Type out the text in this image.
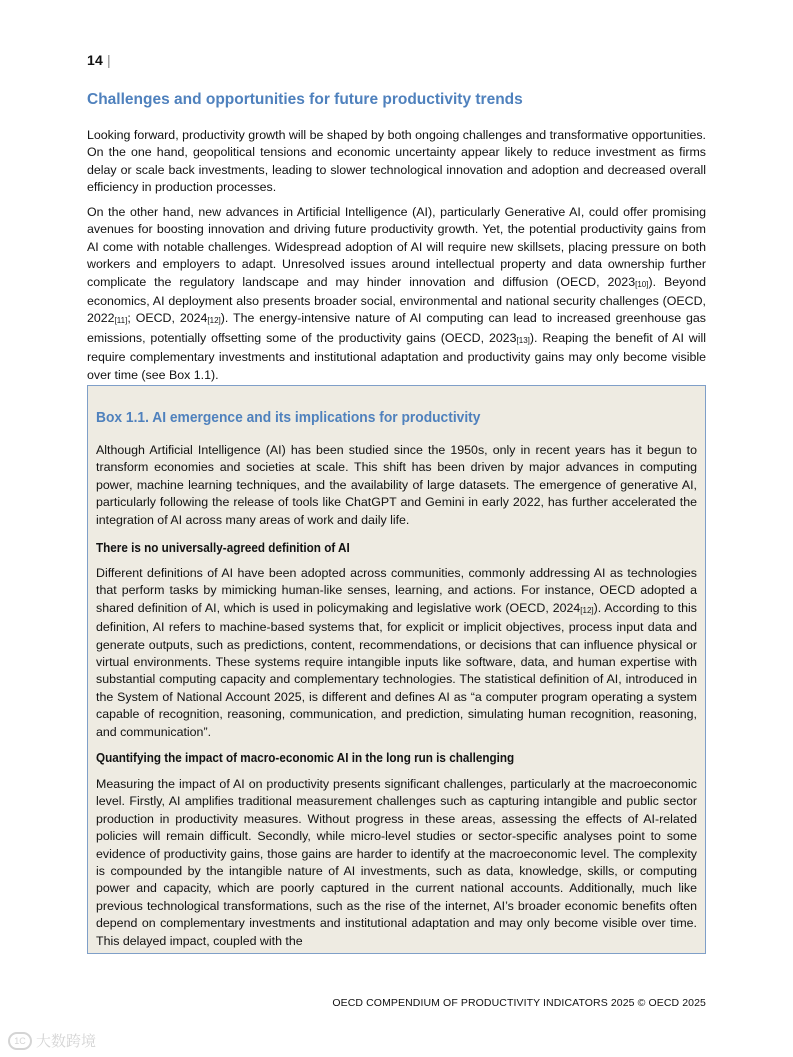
14 |
Challenges and opportunities for future productivity trends

Looking forward, productivity growth will be shaped by both ongoing challenges and transformative opportunities. On the one hand, geopolitical tensions and economic uncertainty appear likely to reduce investment as firms delay or scale back investments, leading to slower technological innovation and adoption and decreased overall efficiency in production processes.

On the other hand, new advances in Artificial Intelligence (AI), particularly Generative AI, could offer promising avenues for boosting innovation and driving future productivity growth. Yet, the potential productivity gains from AI come with notable challenges. Widespread adoption of AI will require new skillsets, placing pressure on both workers and employers to adapt. Unresolved issues around intellectual property and data ownership further complicate the regulatory landscape and may hinder innovation and diffusion (OECD, $2023_{[10]}$). Beyond economics, AI deployment also presents broader social, environmental and national security challenges (OECD, $2022_{[11]}$; OECD, $2024_{[12]}$). The energy-intensive nature of AI computing can lead to increased greenhouse gas emissions, potentially offsetting some of the productivity gains (OECD, $2023_{[13]}$). Reaping the benefit of AI will require complementary investments and institutional adaptation and productivity gains may only become visible over time (see Box 1.1).

Box 1.1. AI emergence and its implications for productivity

Although Artificial Intelligence (AI) has been studied since the 1950s, only in recent years has it begun to transform economies and societies at scale. This shift has been driven by major advances in computing power, machine learning techniques, and the availability of large datasets. The emergence of generative AI, particularly following the release of tools like ChatGPT and Gemini in early 2022, has further accelerated the integration of AI across many areas of work and daily life.

There is no universally-agreed definition of AI

Different definitions of AI have been adopted across communities, commonly addressing AI as technologies that perform tasks by mimicking human-like senses, learning, and actions. For instance, OECD adopted a shared definition of AI, which is used in policymaking and legislative work (OECD, $2024_{[12]}$). According to this definition, AI refers to machine-based systems that, for explicit or implicit objectives, process input data and generate outputs, such as predictions, content, recommendations, or decisions that can influence physical or virtual environments. These systems require intangible inputs like software, data, and human expertise with substantial computing capacity and complementary technologies. The statistical definition of AI, introduced in the System of National Account 2025, is different and defines AI as “a computer program operating a system capable of recognition, reasoning, communication, and prediction, simulating human recognition, reasoning, and communication”.

Quantifying the impact of macro-economic AI in the long run is challenging

Measuring the impact of AI on productivity presents significant challenges, particularly at the macroeconomic level. Firstly, AI amplifies traditional measurement challenges such as capturing intangible and public sector production in productivity measures. Without progress in these areas, assessing the effects of AI-related policies will remain difficult. Secondly, while micro-level studies or sector-specific analyses point to some evidence of productivity gains, those gains are harder to identify at the macroeconomic level. The complexity is compounded by the intangible nature of AI investments, such as data, knowledge, skills, or computing power and capacity, which are poorly captured in the current national accounts. Additionally, much like previous technological transformations, such as the rise of the internet, AI’s broader economic benefits often depend on complementary investments and institutional adaptation and may only become visible over time. This delayed impact, coupled with the

OECD COMPENDIUM OF PRODUCTIVITY INDICATORS 2025 © OECD 2025
1C 大数跨境
